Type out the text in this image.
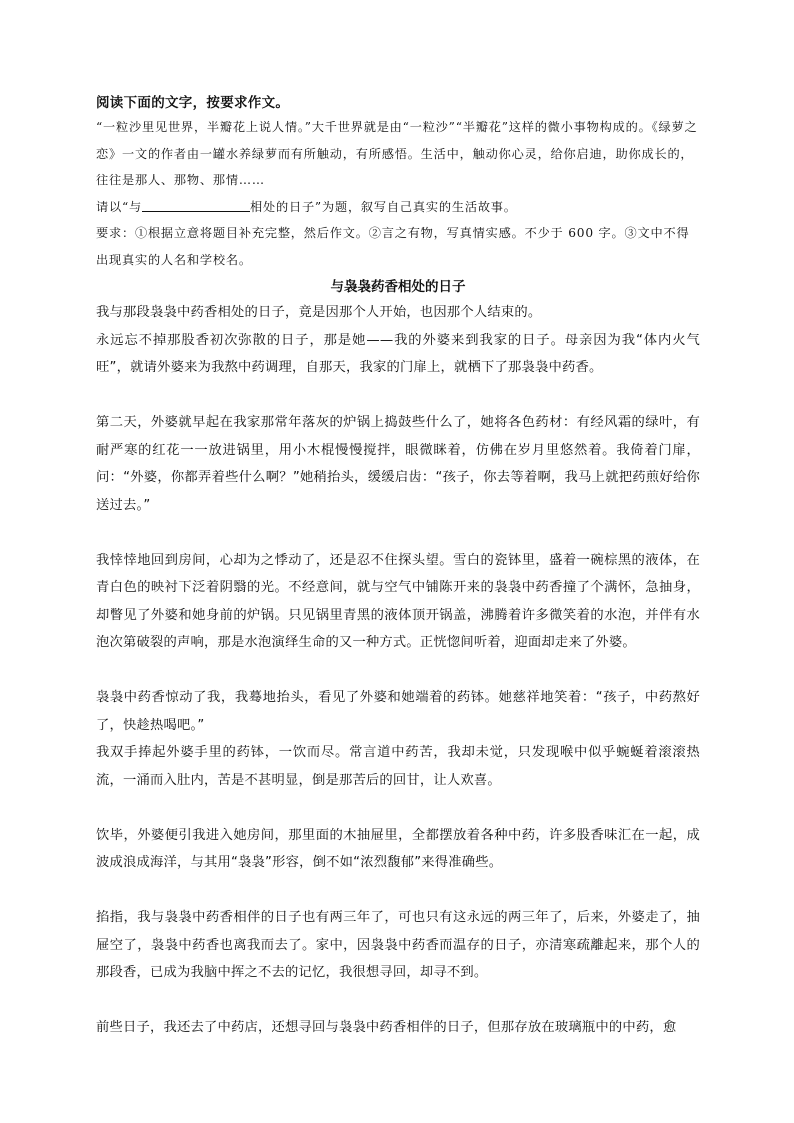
阅读下面的文字，按要求作文。

“一粒沙里见世界，半瓣花上说人情。”大千世界就是由“一粒沙”“半瓣花”这样的微小事物构成的。《绿萝之恋》一文的作者由一罐水养绿萝而有所触动，有所感悟。生活中，触动你心灵，给你启迪，助你成长的，往往是那人、那物、那情……

请以“与	相处的日子”为题，叙写自己真实的生活故事。

要求：①根据立意将题目补充完整，然后作文。②言之有物，写真情实感。不少于 600 字。③文中不得出现真实的人名和学校名。

与袅袅药香相处的日子

我与那段袅袅中药香相处的日子，竟是因那个人开始，也因那个人结束的。

永远忘不掉那股香初次弥散的日子，那是她——我的外婆来到我家的日子。母亲因为我“体内火气旺”，就请外婆来为我熬中药调理，自那天，我家的门扉上，就栖下了那袅袅中药香。

第二天，外婆就早起在我家那常年落灰的炉锅上捣鼓些什么了，她将各色药材：有经风霜的绿叶，有耐严寒的红花一一放进锅里，用小木棍慢慢搅拌，眼微眯着，仿佛在岁月里悠然着。我倚着门扉，问：“外婆，你都弄着些什么啊？”她稍抬头，缓缓启齿：“孩子，你去等着啊，我马上就把药煎好给你送过去。”

我悻悻地回到房间，心却为之悸动了，还是忍不住探头望。雪白的瓷钵里，盛着一碗棕黑的液体，在青白色的映衬下泛着阴翳的光。不经意间，就与空气中铺陈开来的袅袅中药香撞了个满怀，急抽身，却瞥见了外婆和她身前的炉锅。只见锅里青黑的液体顶开锅盖，沸腾着许多微笑着的水泡，并伴有水泡次第破裂的声响，那是水泡演绎生命的又一种方式。正恍惚间听着，迎面却走来了外婆。

袅袅中药香惊动了我，我蓦地抬头，看见了外婆和她端着的药钵。她慈祥地笑着：“孩子，中药熬好了，快趁热喝吧。”

我双手捧起外婆手里的药钵，一饮而尽。常言道中药苦，我却未觉，只发现喉中似乎蜿蜒着滚滚热流，一涌而入肚内，苦是不甚明显，倒是那苦后的回甘，让人欢喜。

饮毕，外婆便引我进入她房间，那里面的木抽屉里，全都摆放着各种中药，许多股香味汇在一起，成波成浪成海洋，与其用“袅袅”形容，倒不如“浓烈馥郁”来得准确些。

掐指，我与袅袅中药香相伴的日子也有两三年了，可也只有这永远的两三年了，后来，外婆走了，抽屉空了，袅袅中药香也离我而去了。家中，因袅袅中药香而温存的日子，亦清寒疏離起来，那个人的那段香，已成为我脑中挥之不去的记忆，我很想寻回，却寻不到。

前些日子，我还去了中药店，还想寻回与袅袅中药香相伴的日子，但那存放在玻璃瓶中的中药，愈
